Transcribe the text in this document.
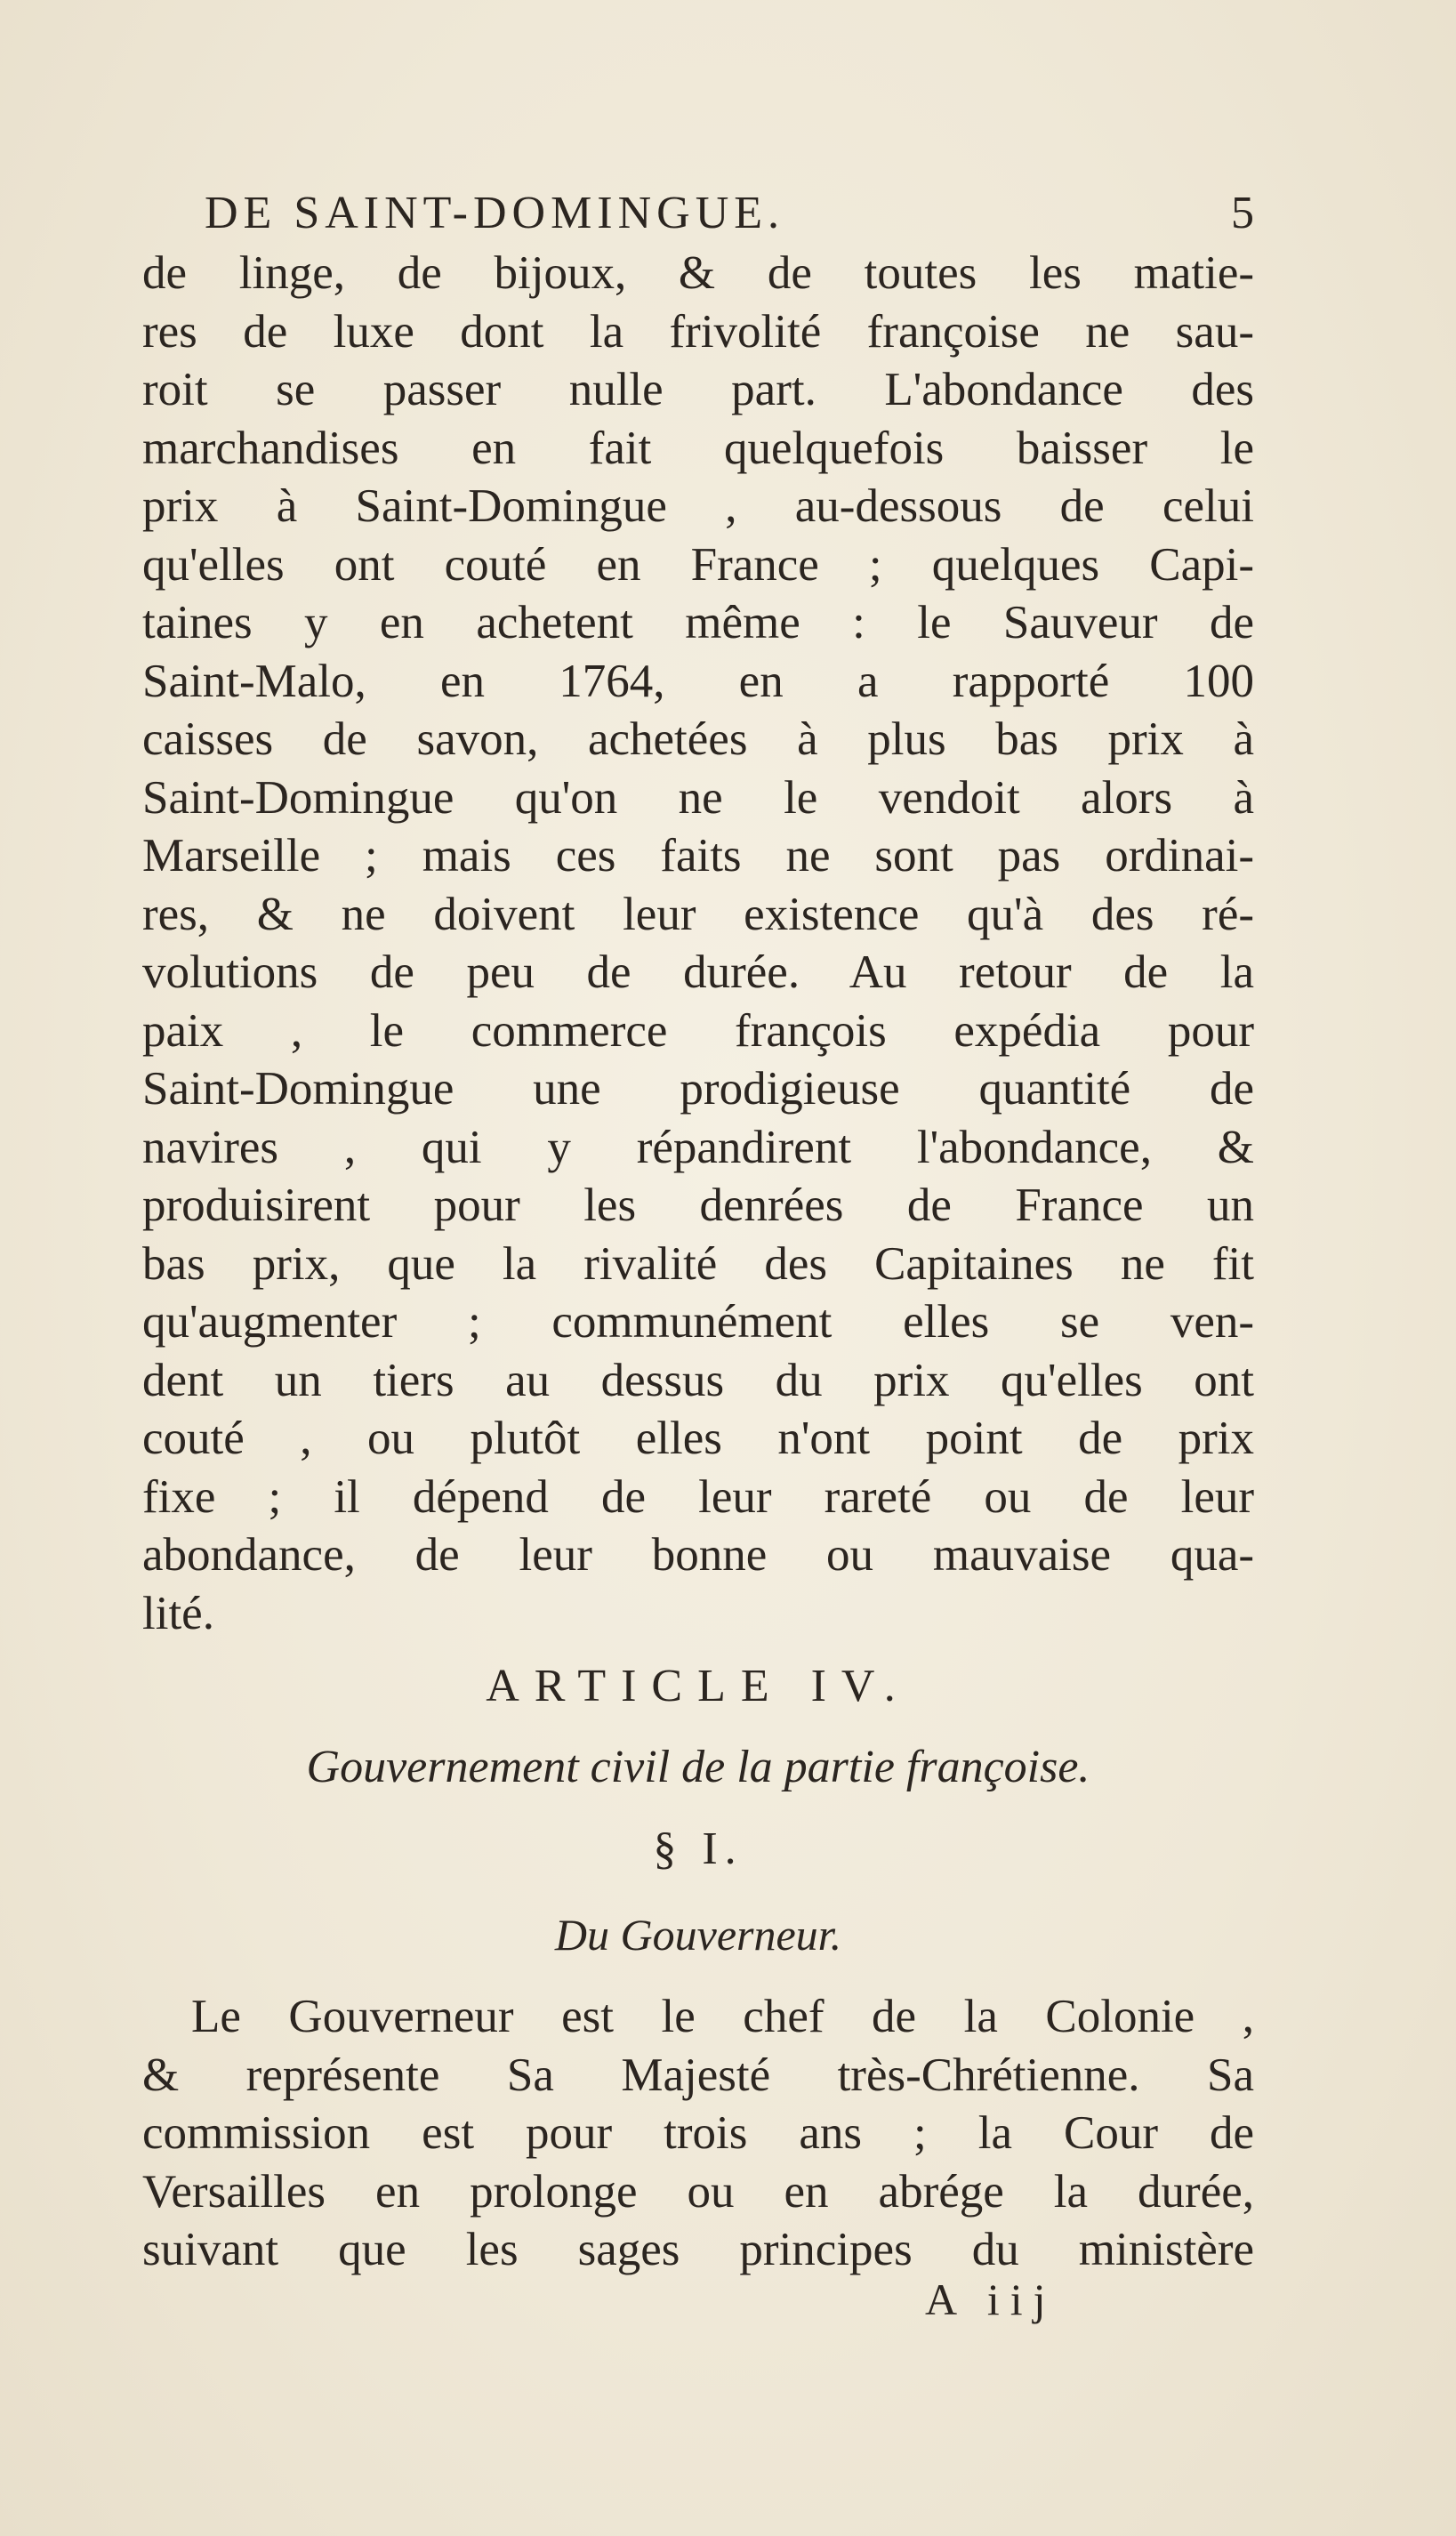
DE SAINT-DOMINGUE.	5
de linge, de bijoux, & de toutes les matie-
res de luxe dont la frivolité françoise ne sau-
roit se passer nulle part. L'abondance des
marchandises en fait quelquefois baisser le
prix à Saint-Domingue , au-dessous de celui
qu'elles ont couté en France ; quelques Capi-
taines y en achetent même : le Sauveur de
Saint-Malo, en 1764, en a rapporté 100
caisses de savon, achetées à plus bas prix à
Saint-Domingue qu'on ne le vendoit alors à
Marseille ; mais ces faits ne sont pas ordinai-
res, & ne doivent leur existence qu'à des ré-
volutions de peu de durée. Au retour de la
paix , le commerce françois expédia pour
Saint-Domingue une prodigieuse quantité de
navires , qui y répandirent l'abondance, &
produisirent pour les denrées de France un
bas prix, que la rivalité des Capitaines ne fit
qu'augmenter ; communément elles se ven-
dent un tiers au dessus du prix qu'elles ont
couté , ou plutôt elles n'ont point de prix
fixe ; il dépend de leur rareté ou de leur
abondance, de leur bonne ou mauvaise qua-
lité.
ARTICLE IV.
Gouvernement civil de la partie françoise.
§ I.
Du Gouverneur.
Le Gouverneur est le chef de la Colonie ,
& représente Sa Majesté très-Chrétienne. Sa
commission est pour trois ans ; la Cour de
Versailles en prolonge ou en abrége la durée,
suivant que les sages principes du ministère
A iij
